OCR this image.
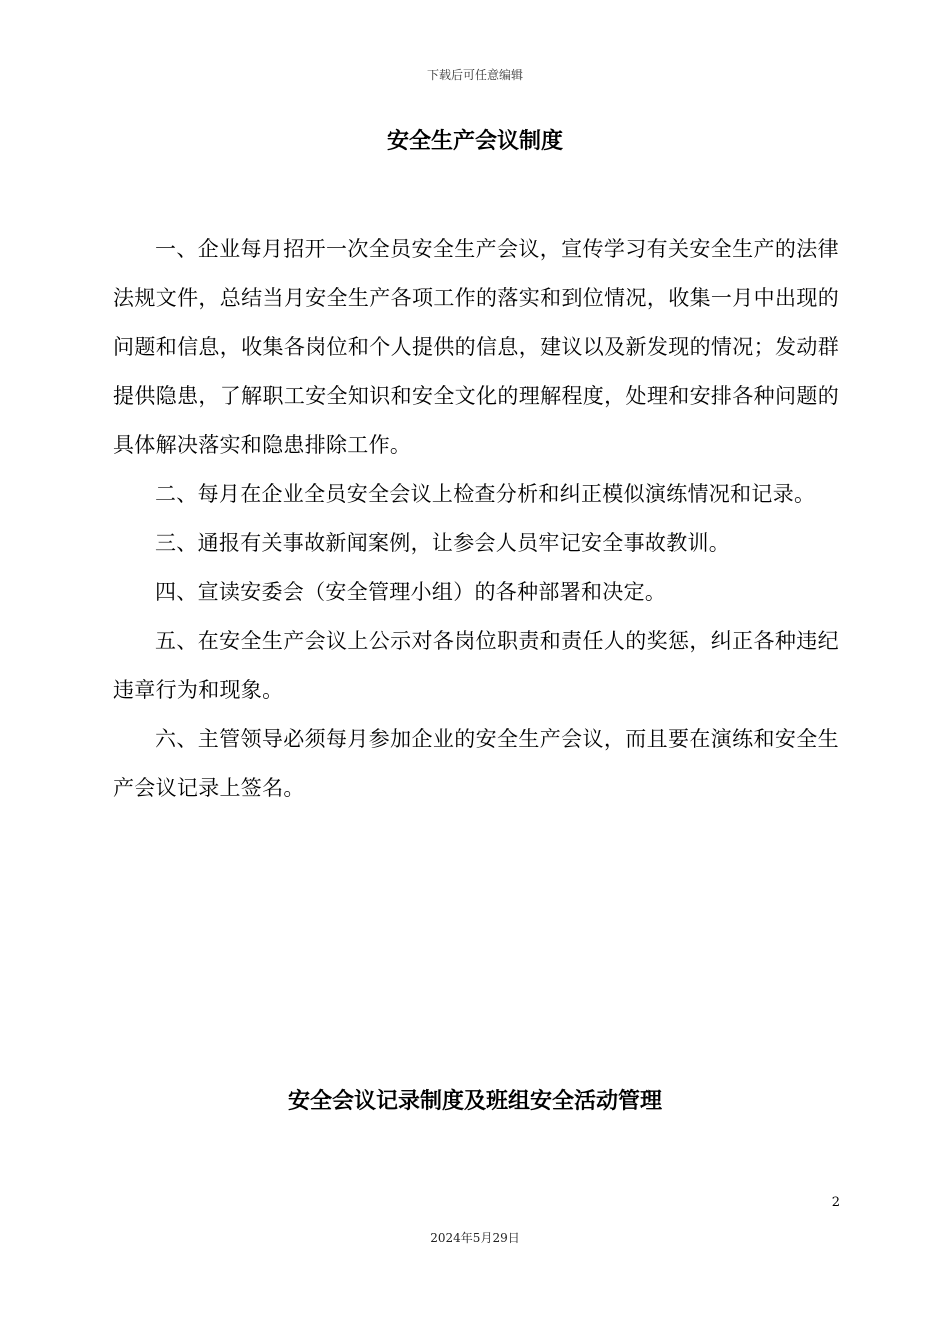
下载后可任意编辑
安全生产会议制度

一、企业每月招开一次全员安全生产会议，宣传学习有关安全生产的法律法规文件，总结当月安全生产各项工作的落实和到位情况，收集一月中出现的问题和信息，收集各岗位和个人提供的信息，建议以及新发现的情况；发动群提供隐患，了解职工安全知识和安全文化的理解程度，处理和安排各种问题的具体解决落实和隐患排除工作。

二、每月在企业全员安全会议上检查分析和纠正模似演练情况和记录。

三、通报有关事故新闻案例，让参会人员牢记安全事故教训。

四、宣读安委会（安全管理小组）的各种部署和决定。

五、在安全生产会议上公示对各岗位职责和责任人的奖惩，纠正各种违纪违章行为和现象。

六、主管领导必须每月参加企业的安全生产会议，而且要在演练和安全生产会议记录上签名。

安全会议记录制度及班组安全活动管理
2
2024年5月29日
